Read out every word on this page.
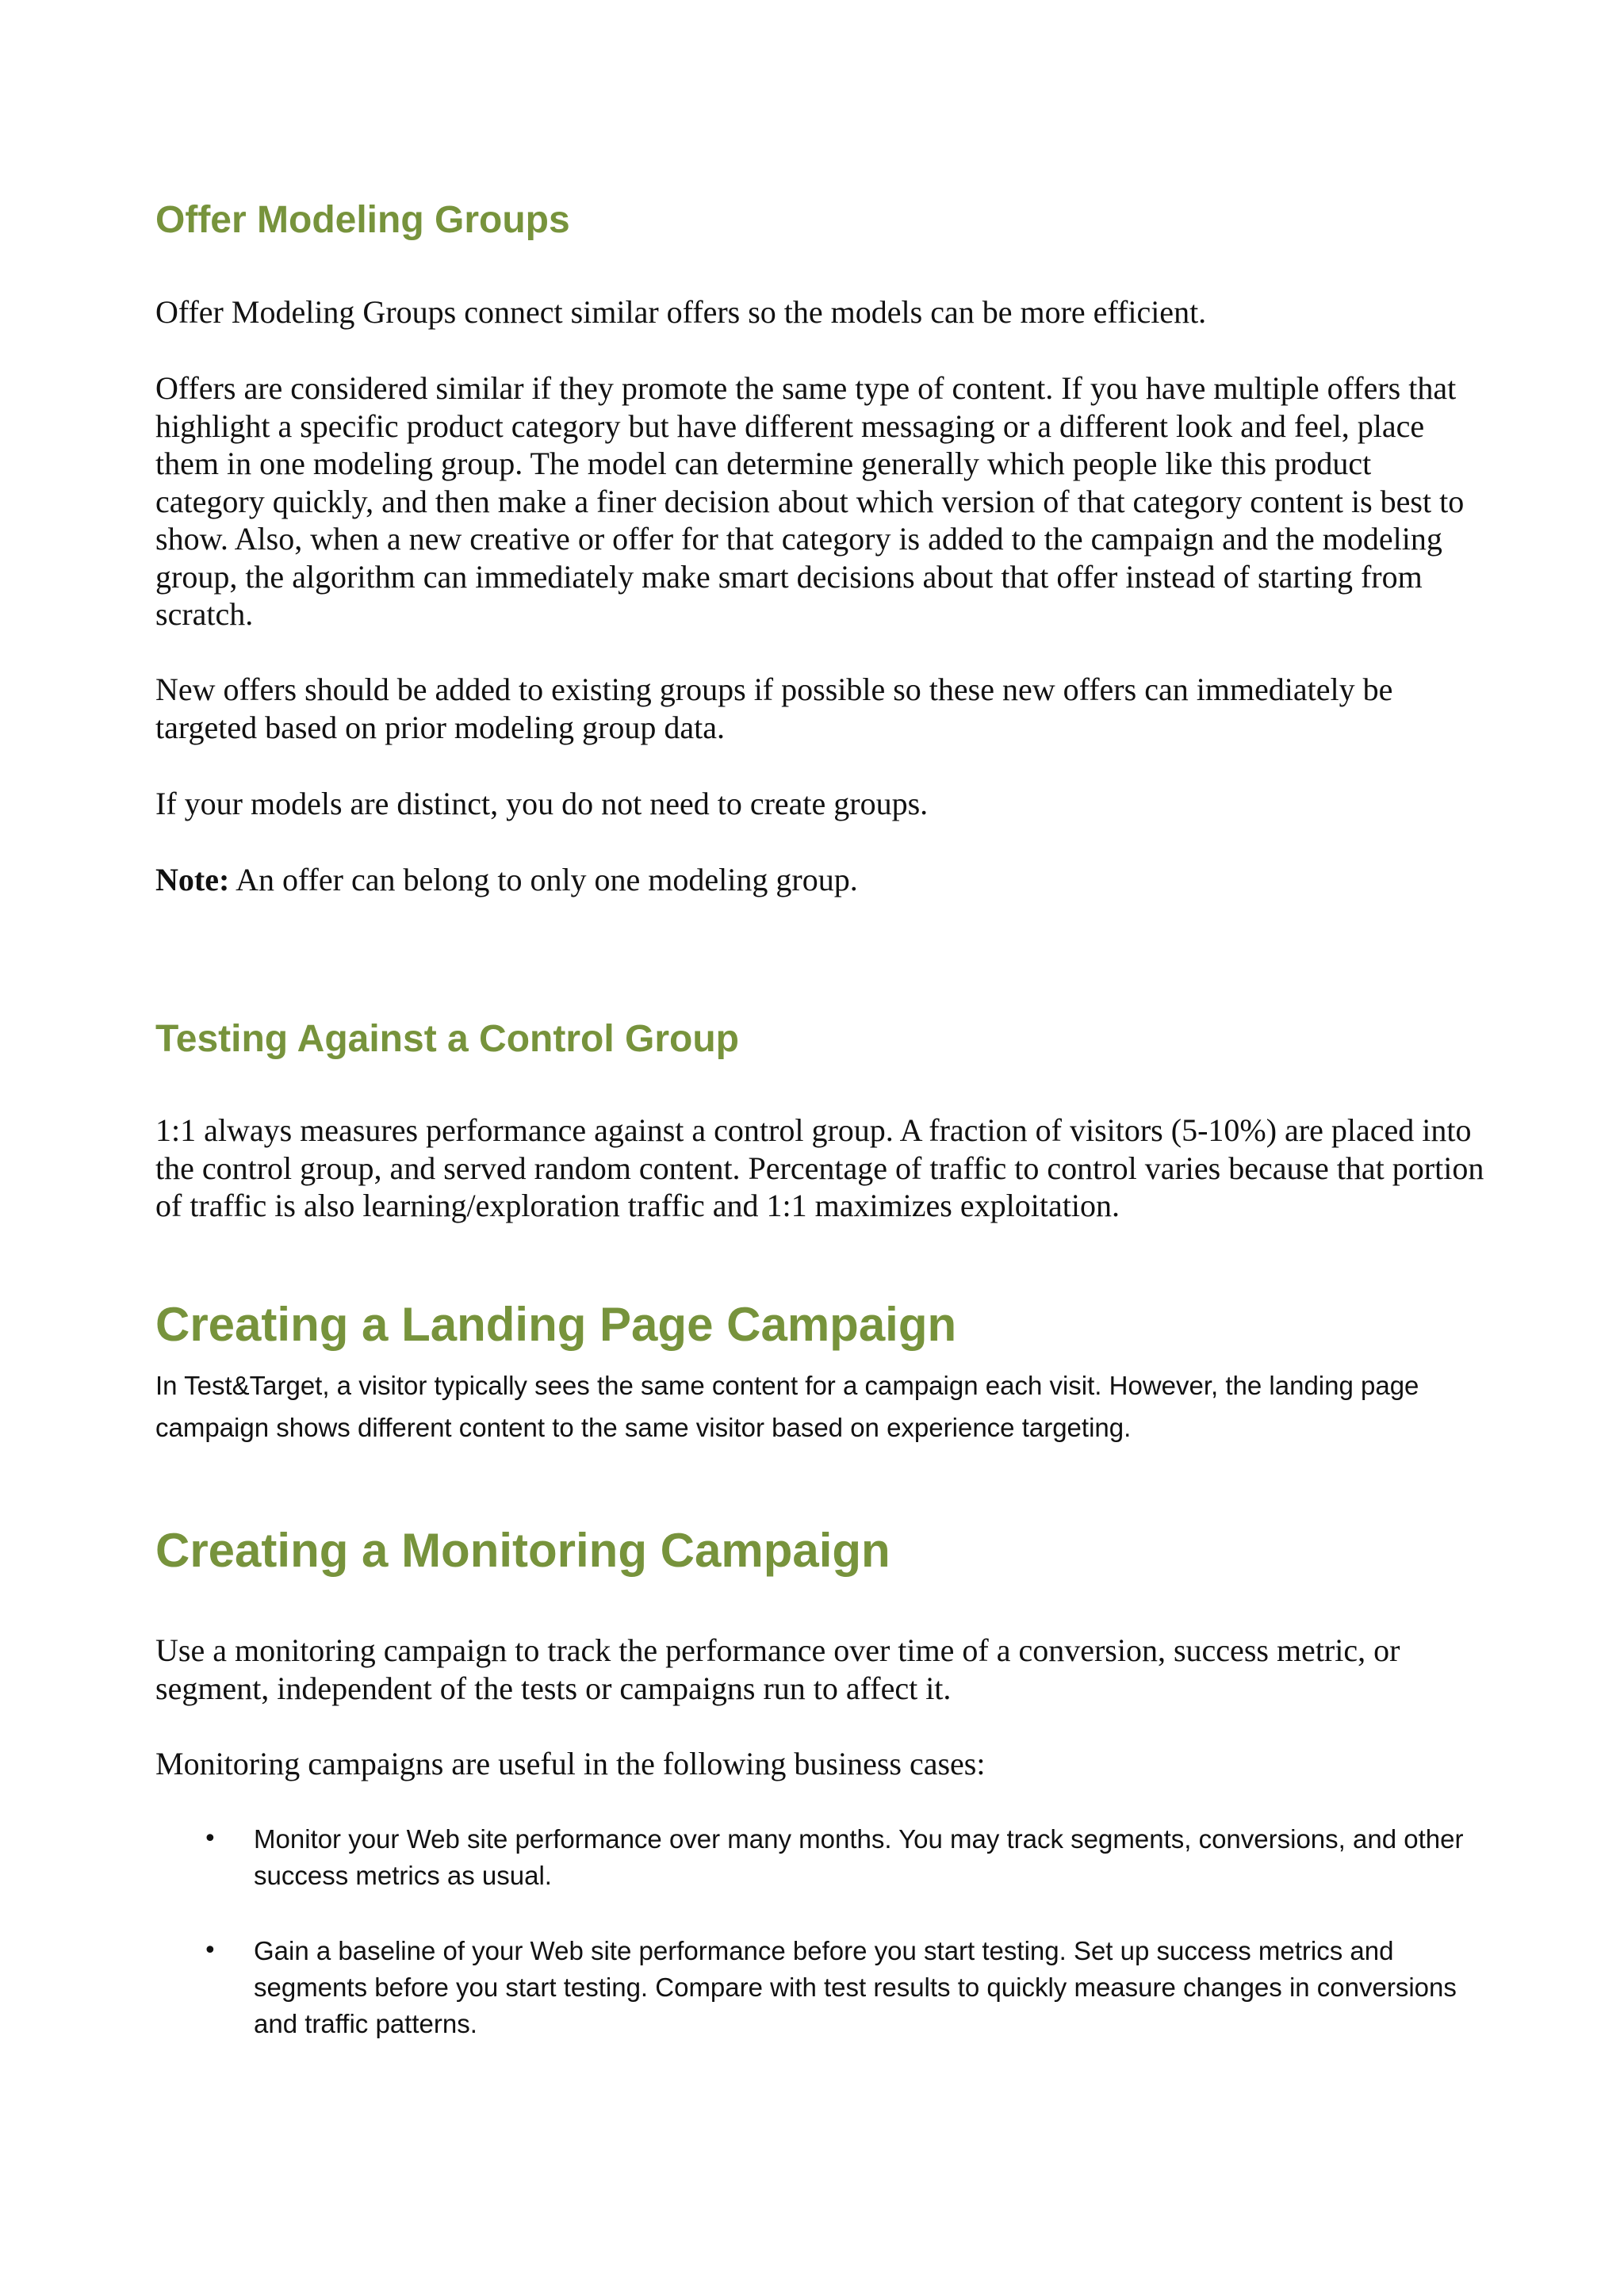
Offer Modeling Groups

Offer Modeling Groups connect similar offers so the models can be more efficient.

Offers are considered similar if they promote the same type of content. If you have multiple offers that highlight a specific product category but have different messaging or a different look and feel, place them in one modeling group. The model can determine generally which people like this product category quickly, and then make a finer decision about which version of that category content is best to show. Also, when a new creative or offer for that category is added to the campaign and the modeling group, the algorithm can immediately make smart decisions about that offer instead of starting from scratch.

New offers should be added to existing groups if possible so these new offers can immediately be targeted based on prior modeling group data.

If your models are distinct, you do not need to create groups.

Note: An offer can belong to only one modeling group.

Testing Against a Control Group

1:1 always measures performance against a control group. A fraction of visitors (5-10%) are placed into the control group, and served random content. Percentage of traffic to control varies because that portion of traffic is also learning/exploration traffic and 1:1 maximizes exploitation.

Creating a Landing Page Campaign

In Test&Target, a visitor typically sees the same content for a campaign each visit. However, the landing page campaign shows different content to the same visitor based on experience targeting.

Creating a Monitoring Campaign

Use a monitoring campaign to track the performance over time of a conversion, success metric, or segment, independent of the tests or campaigns run to affect it.

Monitoring campaigns are useful in the following business cases:

• Monitor your Web site performance over many months. You may track segments, conversions, and other success metrics as usual.
• Gain a baseline of your Web site performance before you start testing. Set up success metrics and segments before you start testing. Compare with test results to quickly measure changes in conversions and traffic patterns.
